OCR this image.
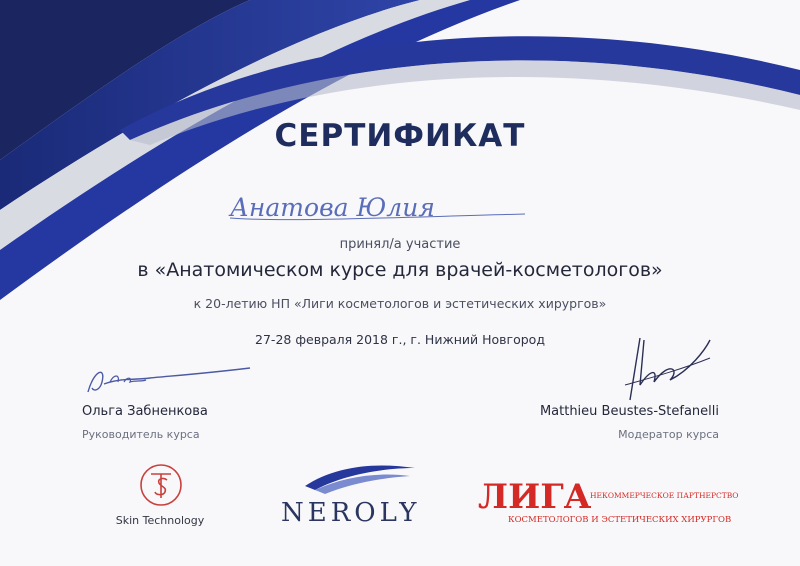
СЕРТИФИКАТ
Анатова Юлия
принял/а участие
в «Анатомическом курсе для врачей-косметологов»
к 20-летию НП «Лиги косметологов и эстетических хирургов»
27-28 февраля 2018 г., г. Нижний Новгород
Ольга Забненкова
Руководитель курса
Matthieu Beustes-Stefanelli
Модератор курса
Skin Technology	NEROLY ЛИГА
НЕКОММЕРЧЕСКОЕ ПАРТНЕРСТВО
КОСМЕТОЛОГОВ И ЭСТЕТИЧЕСКИХ ХИРУРГОВ
